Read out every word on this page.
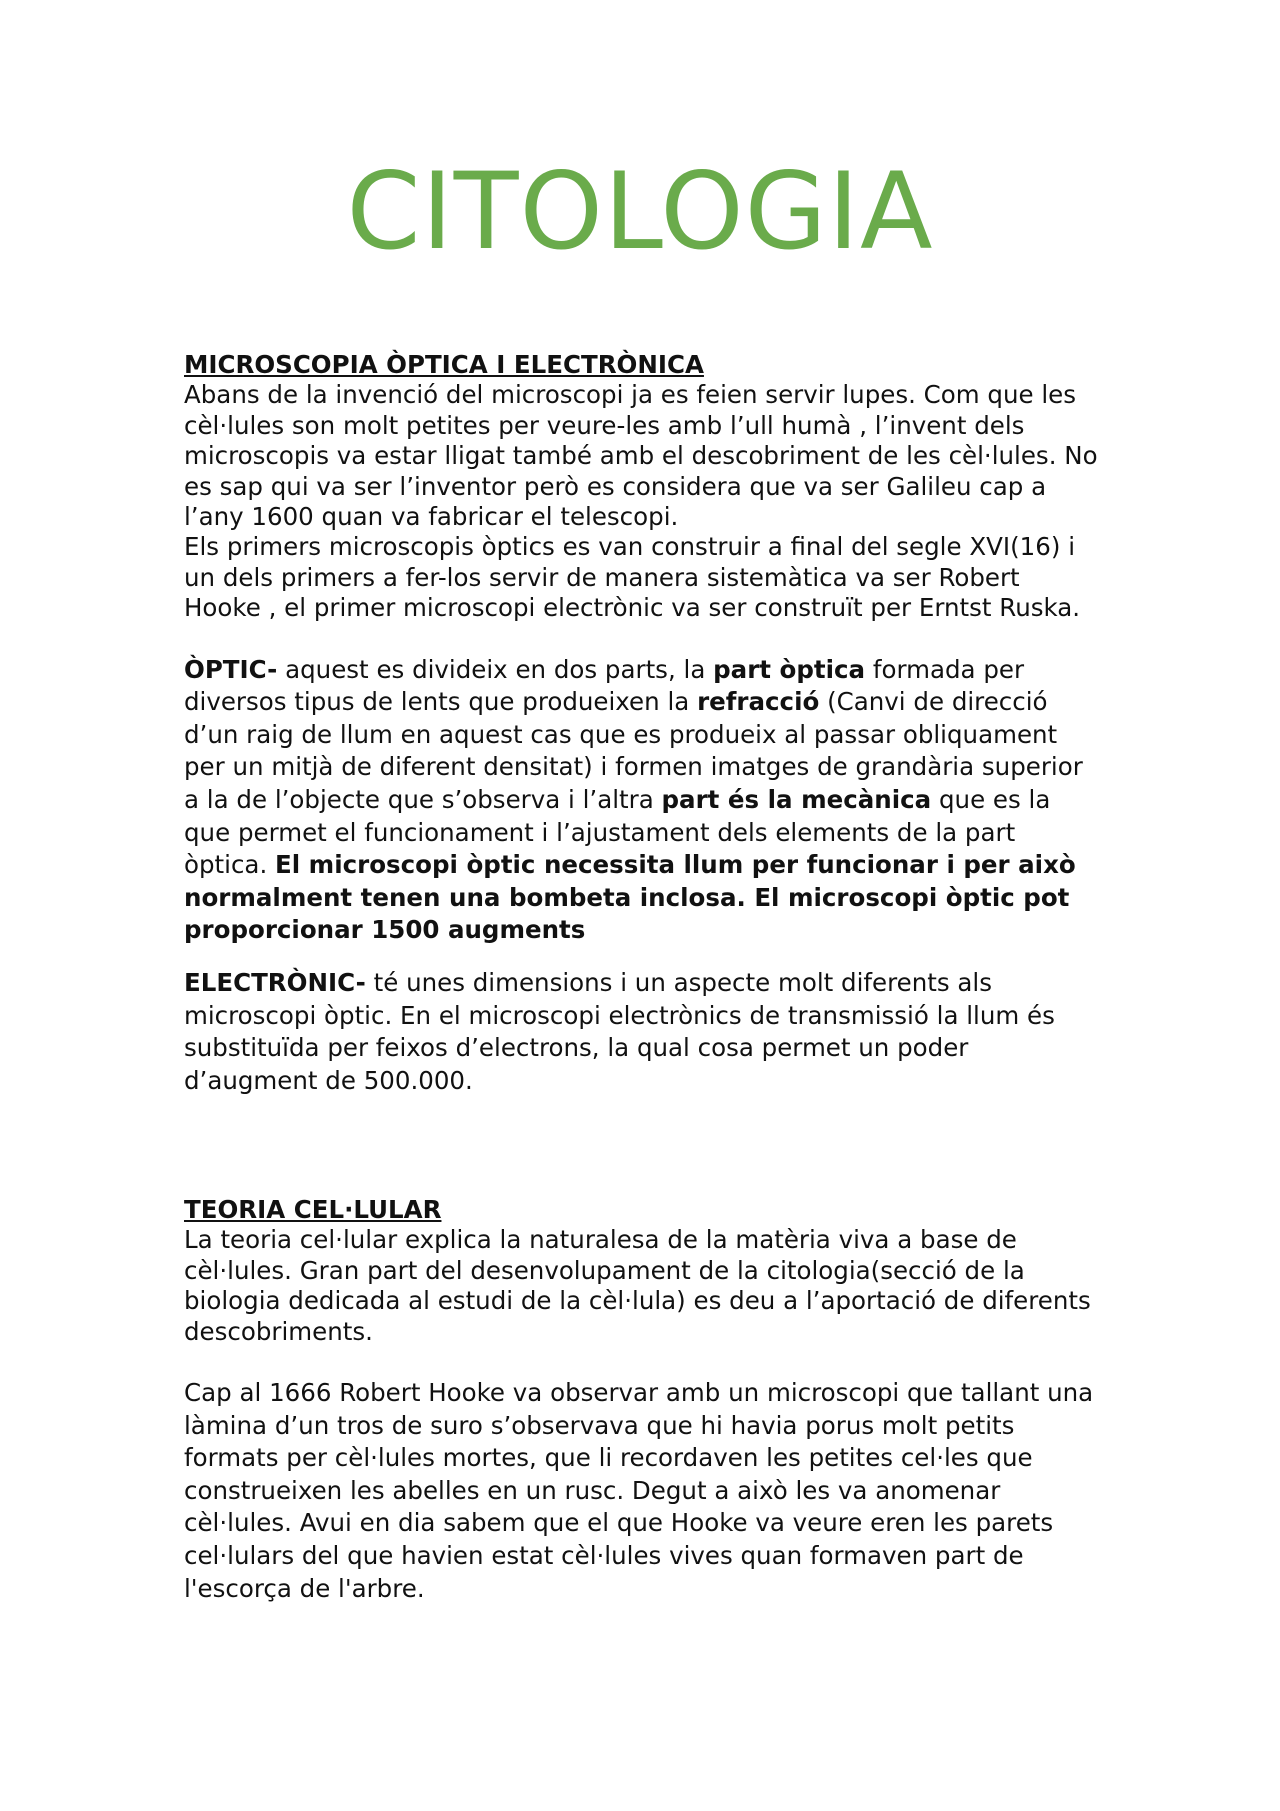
CITOLOGIA

MICROSCOPIA ÒPTICA I ELECTRÒNICA

Abans de la invenció del microscopi ja es feien servir lupes. Com que les cèl·lules son molt petites per veure-les amb l’ull humà , l’invent dels microscopis va estar lligat també amb el descobriment de les cèl·lules. No es sap qui va ser l’inventor però es considera que va ser Galileu cap a l’any 1600 quan va fabricar el telescopi.

Els primers microscopis òptics es van construir a final del segle XVI(16) i un dels primers a fer-los servir de manera sistemàtica va ser Robert Hooke , el primer microscopi electrònic va ser construït per Erntst Ruska.

ÒPTIC- aquest es divideix en dos parts, la part òptica formada per diversos tipus de lents que produeixen la refracció (Canvi de direcció d’un raig de llum en aquest cas que es produeix al passar obliquament per un mitjà de diferent densitat) i formen imatges de grandària superior a la de l’objecte que s’observa i l’altra part és la mecànica que es la que permet el funcionament i l’ajustament dels elements de la part òptica. El microscopi òptic necessita llum per funcionar i per això normalment tenen una bombeta inclosa. El microscopi òptic pot proporcionar 1500 augments

ELECTRÒNIC- té unes dimensions i un aspecte molt diferents als microscopi òptic. En el microscopi electrònics de transmissió la llum és substituïda per feixos d’electrons, la qual cosa permet un poder d’augment de 500.000.

TEORIA CEL·LULAR

La teoria cel·lular explica la naturalesa de la matèria viva a base de cèl·lules. Gran part del desenvolupament de la citologia(secció de la biologia dedicada al estudi de la cèl·lula) es deu a l’aportació de diferents descobriments.

Cap al 1666 Robert Hooke va observar amb un microscopi que tallant una làmina d’un tros de suro s’observava que hi havia porus molt petits formats per cèl·lules mortes, que li recordaven les petites cel·les que construeixen les abelles en un rusc. Degut a això les va anomenar cèl·lules. Avui en dia sabem que el que Hooke va veure eren les parets cel·lulars del que havien estat cèl·lules vives quan formaven part de l'escorça de l'arbre.
